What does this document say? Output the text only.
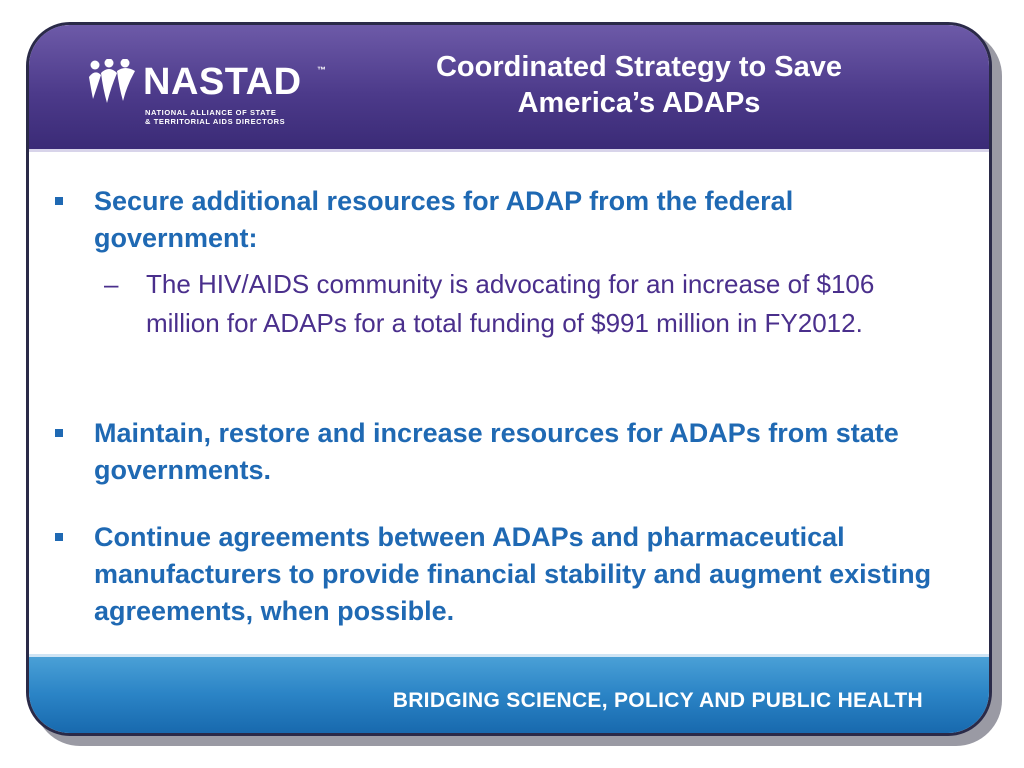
NASTAD ™
NATIONAL ALLIANCE OF STATE
& TERRITORIAL AIDS DIRECTORS
Coordinated Strategy to Save
America’s ADAPs
Secure additional resources for ADAP from the federal government:
– The HIV/AIDS community is advocating for an increase of $106 million for ADAPs for a total funding of $991 million in FY2012.
Maintain, restore and increase resources for ADAPs from state governments.
Continue agreements between ADAPs and pharmaceutical manufacturers to provide financial stability and augment existing agreements, when possible.
BRIDGING SCIENCE, POLICY AND PUBLIC HEALTH
